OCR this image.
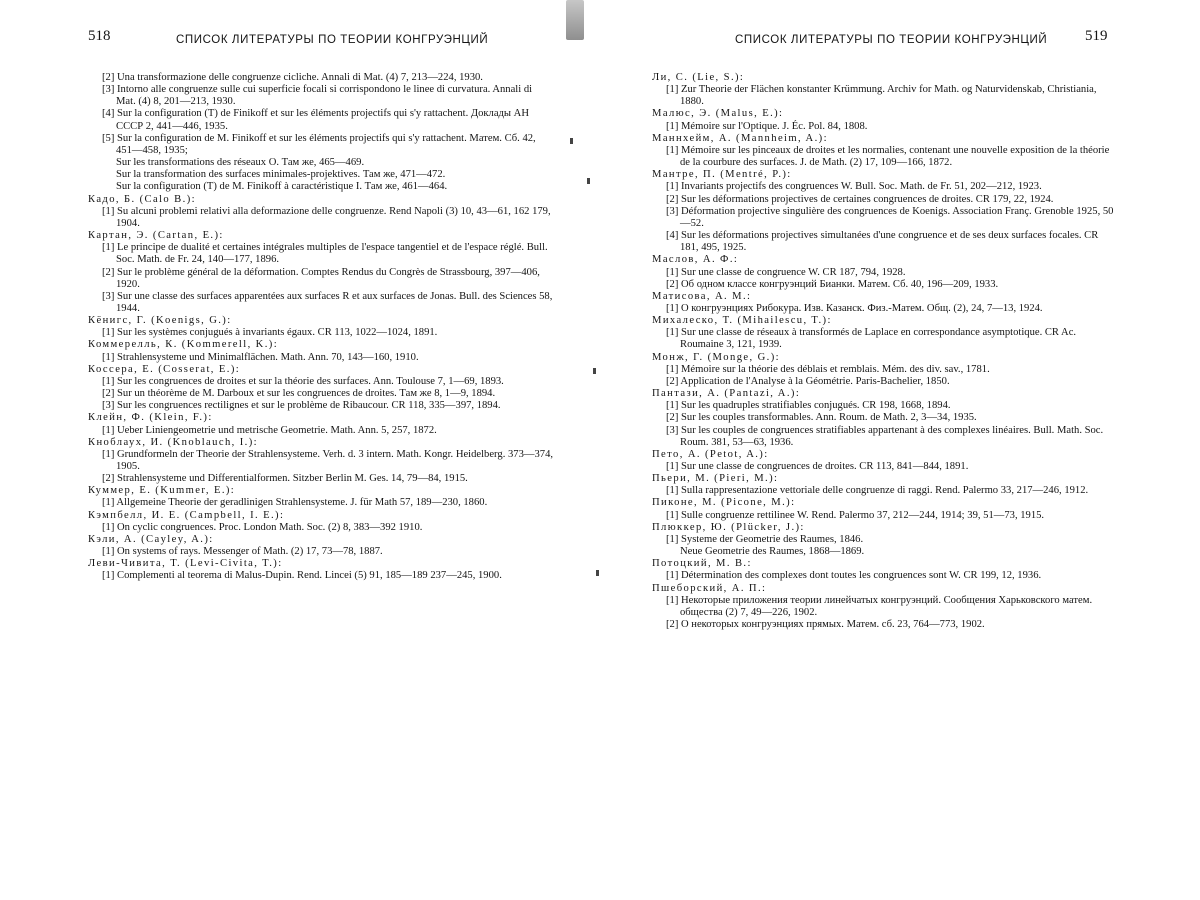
518	СПИСОК ЛИТЕРАТУРЫ ПО ТЕОРИИ КОНГРУЭНЦИЙ

[2] Una transformazione delle congruenze cicliche. Annali di Mat. (4) 7, 213—224, 1930.

[3] Intorno alle congruenze sulle cui superficie focali si corrispondono le linee di curvatura. Annali di Mat. (4) 8, 201—213, 1930.

[4] Sur la configuration (T) de Finikoff et sur les éléments projectifs qui s'y rattachent. Доклады АН СССР 2, 441—446, 1935.

[5] Sur la configuration de M. Finikoff et sur les éléments projectifs qui s'y rattachent. Матем. Сб. 42, 451—458, 1935;

Sur les transformations des réseaux O. Там же, 465—469.

Sur la transformation des surfaces minimales-projektives. Там же, 471—472.

Sur la configuration (T) de M. Finikoff à caractéristique I. Там же, 461—464.

Кадо, Б. (Calo B.):

[1] Su alcuni problemi relativi alla deformazione delle congruenze. Rend Napoli (3) 10, 43—61, 162 179, 1904.

Картан, Э. (Cartan, E.):

[1] Le principe de dualité et certaines intégrales multiples de l'espace tangentiel et de l'espace réglé. Bull. Soc. Math. de Fr. 24, 140—177, 1896.

[2] Sur le problème général de la déformation. Comptes Rendus du Congrès de Strassbourg, 397—406, 1920.

[3] Sur une classe des surfaces apparentées aux surfaces R et aux surfaces de Jonas. Bull. des Sciences 58, 1944.

Кёнигс, Г. (Koenigs, G.):

[1] Sur les systèmes conjugués à invariants égaux. CR 113, 1022—1024, 1891.

Коммерелль, К. (Kommerell, K.):

[1] Strahlensysteme und Minimalflächen. Math. Ann. 70, 143—160, 1910.

Коссера, Е. (Cosserat, E.):

[1] Sur les congruences de droites et sur la théorie des surfaces. Ann. Toulouse 7, 1—69, 1893.

[2] Sur un théorème de M. Darboux et sur les congruences de droites. Там же 8, 1—9, 1894.

[3] Sur les congruences rectilignes et sur le problème de Ribaucour. CR 118, 335—397, 1894.

Клейн, Ф. (Klein, F.):

[1] Ueber Liniengeometrie und metrische Geometrie. Math. Ann. 5, 257, 1872.

Кноблаух, И. (Knoblauch, I.):

[1] Grundformeln der Theorie der Strahlensysteme. Verh. d. 3 intern. Math. Kongr. Heidelberg. 373—374, 1905.

[2] Strahlensysteme und Differentialformen. Sitzber Berlin M. Ges. 14, 79—84, 1915.

Куммер, Е. (Kummer, E.):

[1] Allgemeine Theorie der geradlinigen Strahlensysteme. J. für Math 57, 189—230, 1860.

Кэмпбелл, И. Е. (Campbell, I. E.):

[1] On cyclic congruences. Proc. London Math. Soc. (2) 8, 383—392 1910.

Кэли, А. (Cayley, A.):

[1] On systems of rays. Messenger of Math. (2) 17, 73—78, 1887.

Леви-Чивита, Т. (Levi-Civita, T.):

[1] Complementi al teorema di Malus-Dupin. Rend. Lincei (5) 91, 185—189 237—245, 1900.

СПИСОК ЛИТЕРАТУРЫ ПО ТЕОРИИ КОНГРУЭНЦИЙ	519

Ли, С. (Lie, S.):

[1] Zur Theorie der Flächen konstanter Krümmung. Archiv for Math. og Naturvidenskab, Christiania, 1880.

Малюс, Э. (Malus, E.):

[1] Mémoire sur l'Optique. J. Éc. Pol. 84, 1808.

Маннхейм, А. (Mannheim, A.):

[1] Mémoire sur les pinceaux de droites et les normalies, contenant une nouvelle exposition de la théorie de la courbure des surfaces. J. de Math. (2) 17, 109—166, 1872.

Мантре, П. (Mentré, P.):

[1] Invariants projectifs des congruences W. Bull. Soc. Math. de Fr. 51, 202—212, 1923.

[2] Sur les déformations projectives de certaines congruences de droites. CR 179, 22, 1924.

[3] Déformation projective singulière des congruences de Koenigs. Association Franç. Grenoble 1925, 50—52.

[4] Sur les déformations projectives simultanées d'une congruence et de ses deux surfaces focales. CR 181, 495, 1925.

Маслов, А. Ф.:

[1] Sur une classe de congruence W. CR 187, 794, 1928.

[2] Об одном классе конгруэнций Бианки. Матем. Сб. 40, 196—209, 1933.

Матисова, А. М.:

[1] О конгруэнциях Рибокура. Изв. Казанск. Физ.-Матем. Общ. (2), 24, 7—13, 1924.

Михалеско, Т. (Mihailescu, T.):

[1] Sur une classe de réseaux à transformés de Laplace en correspondance asymptotique. CR Ac. Roumaine 3, 121, 1939.

Монж, Г. (Monge, G.):

[1] Mémoire sur la théorie des déblais et remblais. Mém. des div. sav., 1781.

[2] Application de l'Analyse à la Géométrie. Paris-Bachelier, 1850.

Пантази, А. (Pantazi, A.):

[1] Sur les quadruples stratifiables conjugués. CR 198, 1668, 1894.

[2] Sur les couples transformables. Ann. Roum. de Math. 2, 3—34, 1935.

[3] Sur les couples de congruences stratifiables appartenant à des complexes linéaires. Bull. Math. Soc. Roum. 381, 53—63, 1936.

Пето, А. (Petot, A.):

[1] Sur une classe de congruences de droites. CR 113, 841—844, 1891.

Пьери, М. (Pieri, M.):

[1] Sulla rappresentazione vettoriale delle congruenze di raggi. Rend. Palermo 33, 217—246, 1912.

Пиконе, М. (Picone, M.):

[1] Sulle congruenze rettilinee W. Rend. Palermo 37, 212—244, 1914; 39, 51—73, 1915.

Плюккер, Ю. (Plücker, J.):

[1] Systeme der Geometrie des Raumes, 1846.

Neue Geometrie des Raumes, 1868—1869.

Потоцкий, М. В.:

[1] Détermination des complexes dont toutes les congruences sont W. CR 199, 12, 1936.

Пшеборский, А. П.:

[1] Некоторые приложения теории линейчатых конгруэнций. Сообщения Харьковского матем. общества (2) 7, 49—226, 1902.

[2] О некоторых конгруэнциях прямых. Матем. сб. 23, 764—773, 1902.
